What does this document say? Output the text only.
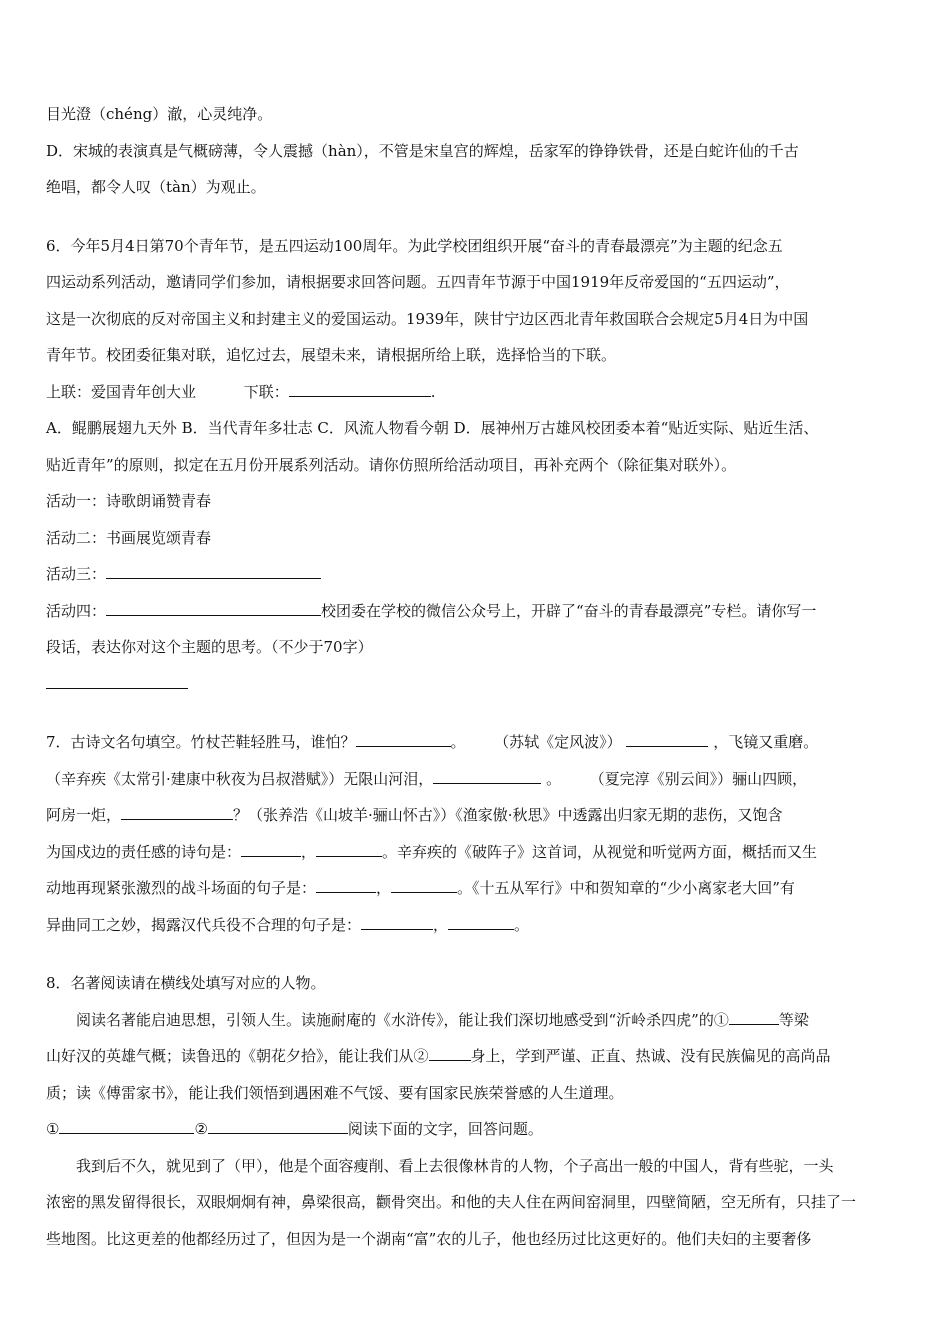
目光澄（chéng）澈，心灵纯净。
D．宋城的表演真是气概磅薄，令人震撼（hàn），不管是宋皇宫的辉煌，岳家军的铮铮铁骨，还是白蛇许仙的千古
绝唱，都令人叹（tàn）为观止。
6．今年5月4日第70个青年节，是五四运动100周年。为此学校团组织开展“奋斗的青春最漂亮”为主题的纪念五
四运动系列活动，邀请同学们参加，请根据要求回答问题。五四青年节源于中国1919年反帝爱国的“五四运动”，
这是一次彻底的反对帝国主义和封建主义的爱国运动。1939年，陕甘宁边区西北青年救国联合会规定5月4日为中国
青年节。校团委征集对联，追忆过去，展望未来，请根据所给上联，选择恰当的下联。
上联：爱国青年创大业	下联：	.
A．鲲鹏展翅九天外 B．当代青年多壮志 C．风流人物看今朝 D．展神州万古雄风校团委本着“贴近实际、贴近生活、
贴近青年”的原则，拟定在五月份开展系列活动。请你仿照所给活动项目，再补充两个（除征集对联外）。
活动一：诗歌朗诵赞青春
活动二：书画展览颂青春
活动三：
活动四：	校团委在学校的微信公众号上，开辟了“奋斗的青春最漂亮”专栏。请你写一
段话，表达你对这个主题的思考。（不少于70字）
7．古诗文名句填空。竹杖芒鞋轻胜马，谁怕？	。      （苏轼《定风波》）	，飞镜又重磨。
（辛弃疾《太常引·建康中秋夜为吕叔潜赋》）无限山河泪，	。      （夏完淳《别云间》）骊山四顾，
阿房一炬，	？（张养浩《山坡羊·骊山怀古》）《渔家傲·秋思》中透露出归家无期的悲伤，又饱含
为国戍边的责任感的诗句是：	，	。辛弃疾的《破阵子》这首词，从视觉和听觉两方面，概括而又生
动地再现紧张激烈的战斗场面的句子是：	，	。《十五从军行》中和贺知章的“少小离家老大回”有
异曲同工之妙，揭露汉代兵役不合理的句子是：	，	。
8．名著阅读请在横线处填写对应的人物。
阅读名著能启迪思想，引领人生。读施耐庵的《水浒传》，能让我们深切地感受到“沂岭杀四虎”的①	等梁
山好汉的英雄气概；读鲁迅的《朝花夕拾》，能让我们从②	身上，学到严谨、正直、热诚、没有民族偏见的高尚品
质；读《傅雷家书》，能让我们领悟到遇困难不气馁、要有国家民族荣誉感的人生道理。
①	②	阅读下面的文字，回答问题。
我到后不久，就见到了（甲），他是个面容瘦削、看上去很像林肯的人物，个子高出一般的中国人，背有些驼，一头
浓密的黑发留得很长，双眼炯炯有神，鼻梁很高，颧骨突出。和他的夫人住在两间窑洞里，四壁简陋，空无所有，只挂了一
些地图。比这更差的他都经历过了，但因为是一个湖南“富”农的儿子，他也经历过比这更好的。他们夫妇的主要奢侈
